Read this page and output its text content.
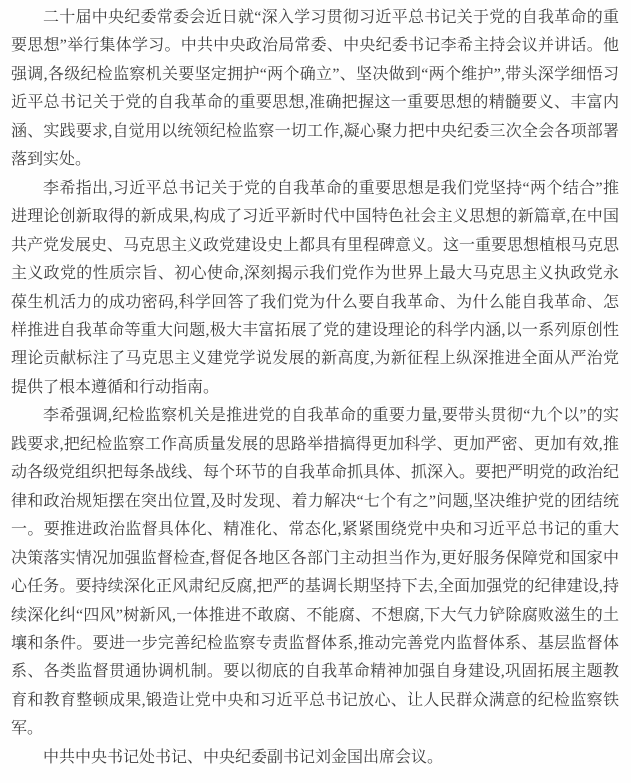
二十届中央纪委常委会近日就“深入学习贯彻习近平总书记关于党的自我革命的重要思想”举行集体学习。中共中央政治局常委、中央纪委书记李希主持会议并讲话。他强调,各级纪检监察机关要坚定拥护“两个确立”、坚决做到“两个维护”,带头深学细悟习近平总书记关于党的自我革命的重要思想,准确把握这一重要思想的精髓要义、丰富内涵、实践要求,自觉用以统领纪检监察一切工作,凝心聚力把中央纪委三次全会各项部署落到实处。

李希指出,习近平总书记关于党的自我革命的重要思想是我们党坚持“两个结合”推进理论创新取得的新成果,构成了习近平新时代中国特色社会主义思想的新篇章,在中国共产党发展史、马克思主义政党建设史上都具有里程碑意义。这一重要思想植根马克思主义政党的性质宗旨、初心使命,深刻揭示我们党作为世界上最大马克思主义执政党永葆生机活力的成功密码,科学回答了我们党为什么要自我革命、为什么能自我革命、怎样推进自我革命等重大问题,极大丰富拓展了党的建设理论的科学内涵,以一系列原创性理论贡献标注了马克思主义建党学说发展的新高度,为新征程上纵深推进全面从严治党提供了根本遵循和行动指南。

李希强调,纪检监察机关是推进党的自我革命的重要力量,要带头贯彻“九个以”的实践要求,把纪检监察工作高质量发展的思路举措搞得更加科学、更加严密、更加有效,推动各级党组织把每条战线、每个环节的自我革命抓具体、抓深入。要把严明党的政治纪律和政治规矩摆在突出位置,及时发现、着力解决“七个有之”问题,坚决维护党的团结统一。要推进政治监督具体化、精准化、常态化,紧紧围绕党中央和习近平总书记的重大决策落实情况加强监督检查,督促各地区各部门主动担当作为,更好服务保障党和国家中心任务。要持续深化正风肃纪反腐,把严的基调长期坚持下去,全面加强党的纪律建设,持续深化纠“四风”树新风,一体推进不敢腐、不能腐、不想腐,下大气力铲除腐败滋生的土壤和条件。要进一步完善纪检监察专责监督体系,推动完善党内监督体系、基层监督体系、各类监督贯通协调机制。要以彻底的自我革命精神加强自身建设,巩固拓展主题教育和教育整顿成果,锻造让党中央和习近平总书记放心、让人民群众满意的纪检监察铁军。

中共中央书记处书记、中央纪委副书记刘金国出席会议。
